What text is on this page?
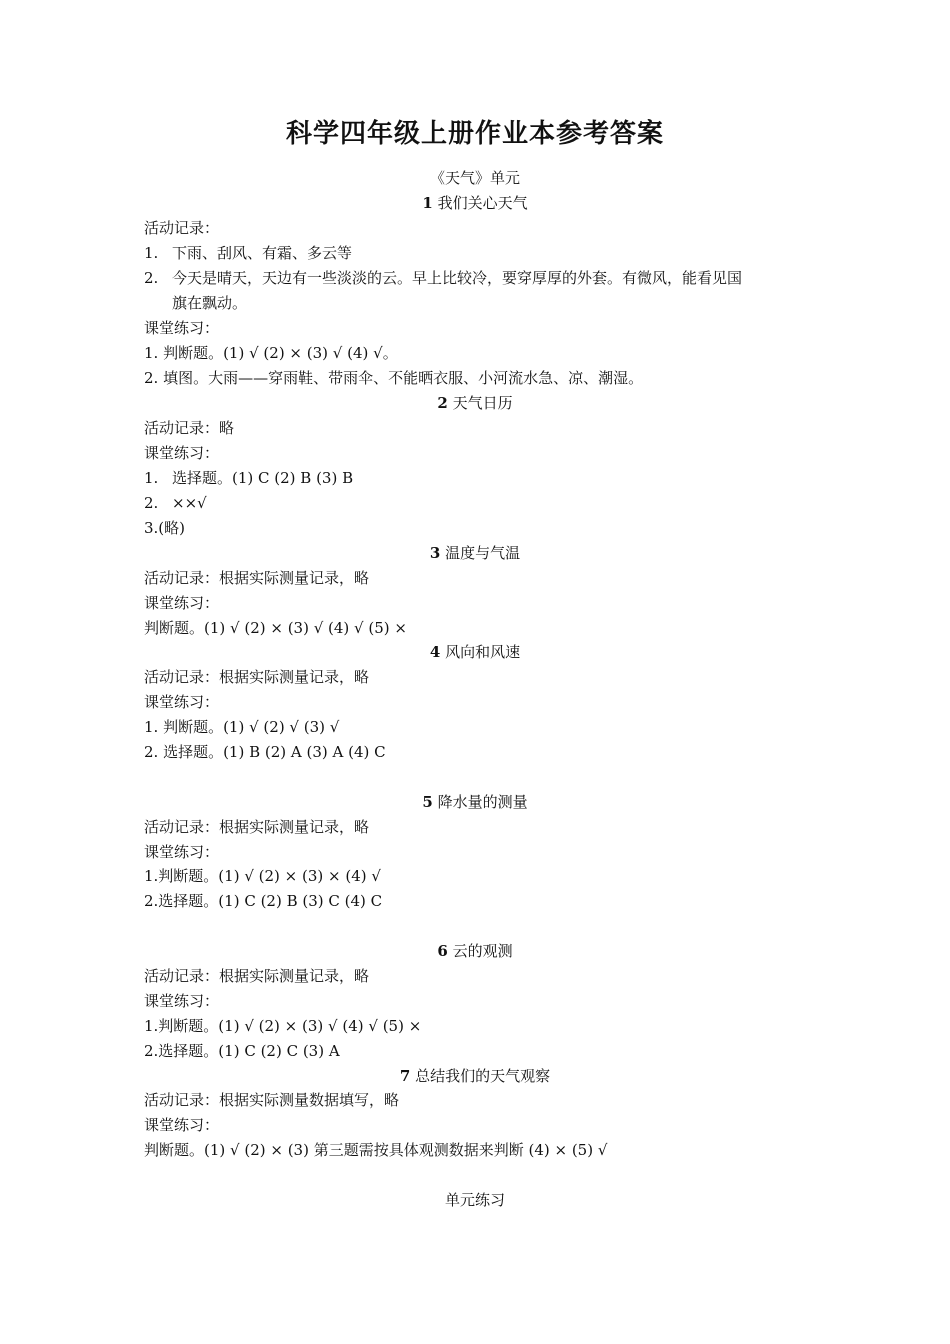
科学四年级上册作业本参考答案
《天气》单元
1 我们关心天气
活动记录：
1. 下雨、刮风、有霜、多云等
2. 今天是晴天，天边有一些淡淡的云。早上比较冷，要穿厚厚的外套。有微风，能看见国
旗在飘动。
课堂练习：
1. 判断题。(1) √ (2) × (3) √ (4) √。
2. 填图。大雨——穿雨鞋、带雨伞、不能晒衣服、小河流水急、凉、潮湿。
2 天气日历
活动记录：略
课堂练习：
1. 选择题。(1) C (2) B (3) B
2. ××√
3.(略)
3 温度与气温
活动记录：根据实际测量记录，略
课堂练习：
判断题。(1) √ (2) × (3) √ (4) √ (5) ×
4 风向和风速
活动记录：根据实际测量记录，略
课堂练习：
1. 判断题。(1) √ (2) √ (3) √
2. 选择题。(1) B (2) A (3) A (4) C
5 降水量的测量
活动记录：根据实际测量记录，略
课堂练习：
1.判断题。(1) √ (2) × (3) × (4) √
2.选择题。(1) C (2) B (3) C (4) C
6 云的观测
活动记录：根据实际测量记录，略
课堂练习：
1.判断题。(1) √ (2) × (3) √ (4) √ (5) ×
2.选择题。(1) C (2) C (3) A
7 总结我们的天气观察
活动记录：根据实际测量数据填写，略
课堂练习：
判断题。(1) √ (2) × (3) 第三题需按具体观测数据来判断 (4) × (5) √
单元练习
